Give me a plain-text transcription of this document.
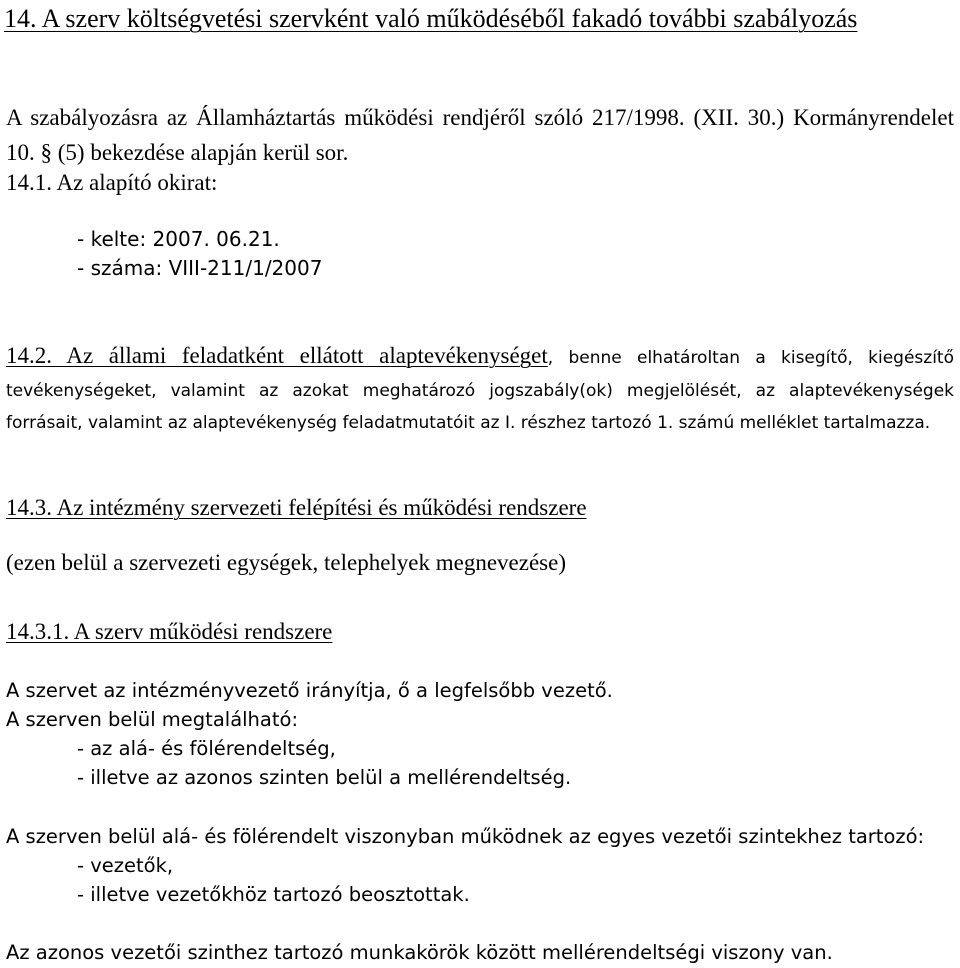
14. A szerv költségvetési szervként való működéséből fakadó további szabályozás
A szabályozásra az Államháztartás működési rendjéről szóló 217/1998. (XII. 30.) Kormányrendelet 10. § (5) bekezdése alapján kerül sor.
14.1. Az alapító okirat:
- kelte: 2007. 06.21.
- száma: VIII-211/1/2007
14.2. Az állami feladatként ellátott alaptevékenységet, benne elhatároltan a kisegítő, kiegészítő tevékenységeket, valamint az azokat meghatározó jogszabály(ok) megjelölését, az alaptevékenységek forrásait, valamint az alaptevékenység feladatmutatóit az I. részhez tartozó 1. számú melléklet tartalmazza.
14.3. Az intézmény szervezeti felépítési és működési rendszere
(ezen belül a szervezeti egységek, telephelyek megnevezése)
14.3.1. A szerv működési rendszere
A szervet az intézményvezető irányítja, ő a legfelsőbb vezető.
A szerven belül megtalálható:
- az alá- és fölérendeltség,
- illetve az azonos szinten belül a mellérendeltség.
A szerven belül alá- és fölérendelt viszonyban működnek az egyes vezetői szintekhez tartozó:
- vezetők,
- illetve vezetőkhöz tartozó beosztottak.
Az azonos vezetői szinthez tartozó munkakörök között mellérendeltségi viszony van.
